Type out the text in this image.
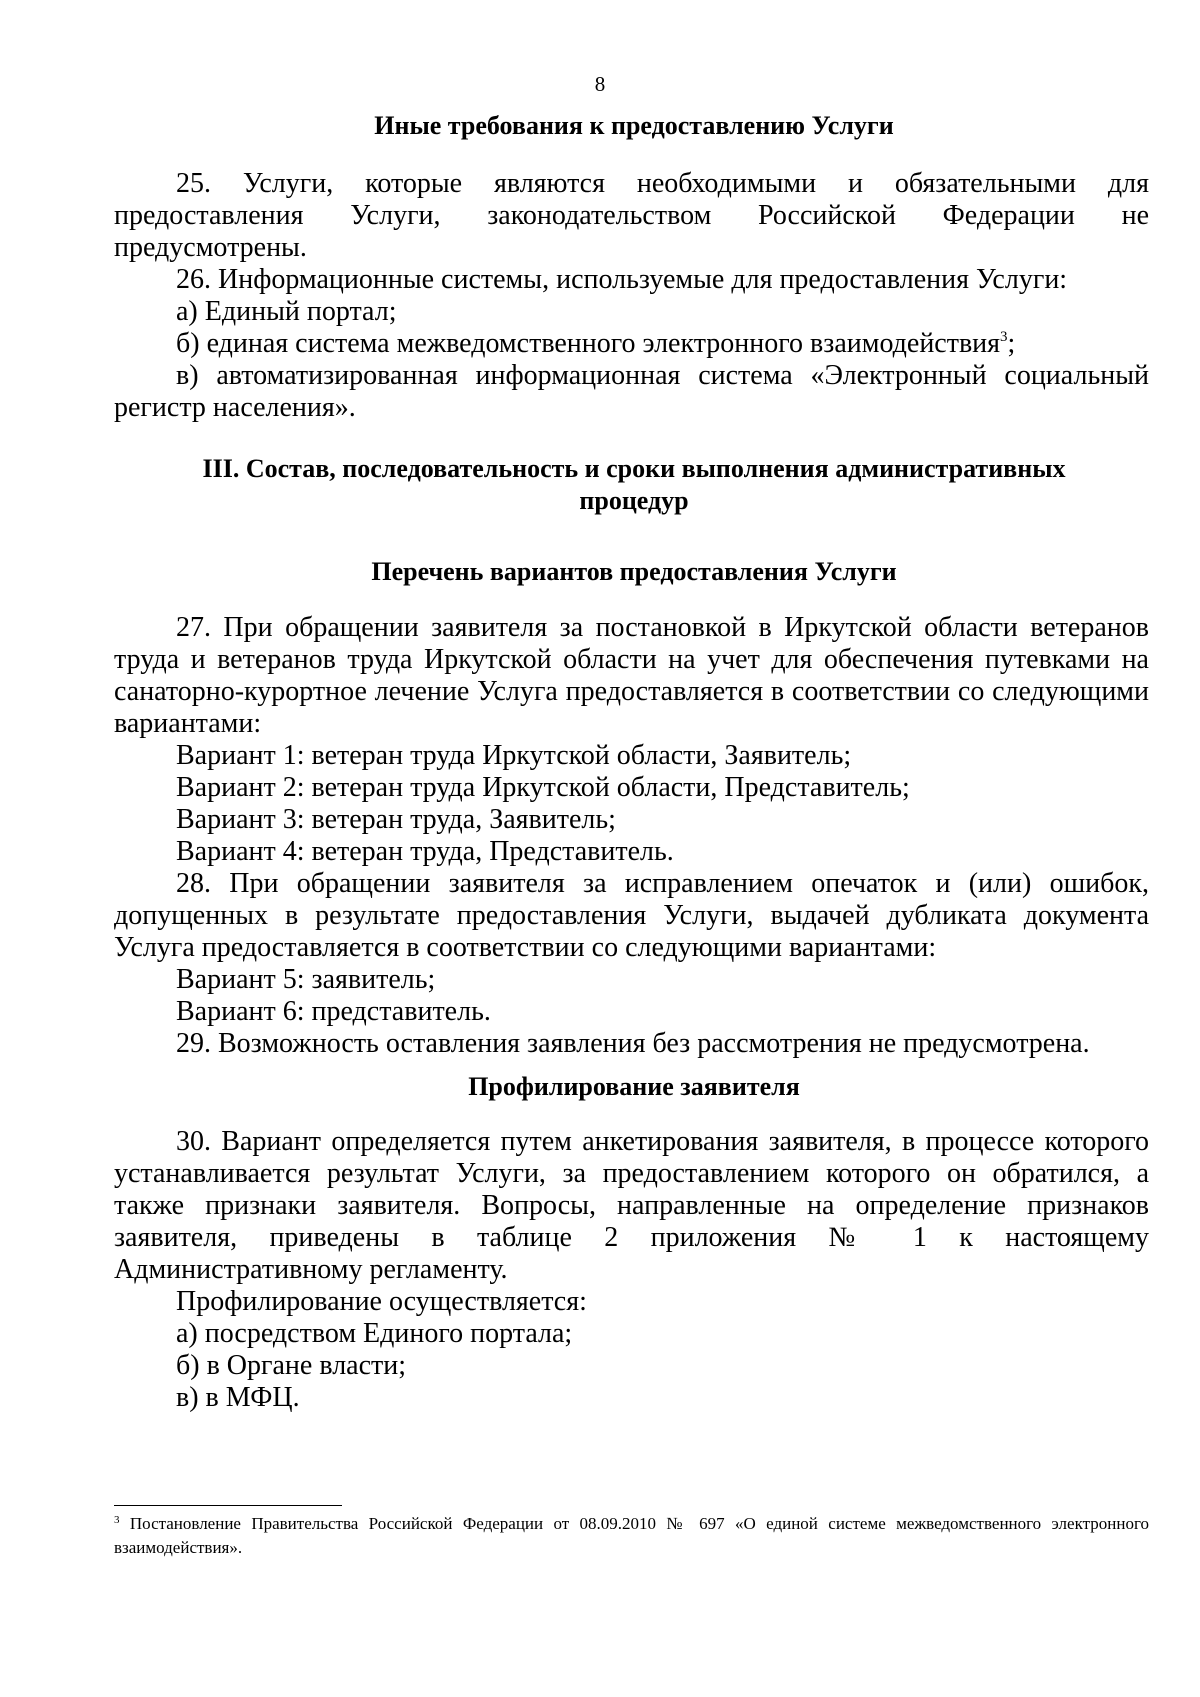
8
Иные требования к предоставлению Услуги

25. Услуги, которые являются необходимыми и обязательными для предоставления Услуги, законодательством Российской Федерации не предусмотрены.

26. Информационные системы, используемые для предоставления Услуги:

а) Единый портал;

б) единая система межведомственного электронного взаимодействия$^3$;

в) автоматизированная информационная система «Электронный социальный регистр населения».

III. Состав, последовательность и сроки выполнения административных
процедур
Перечень вариантов предоставления Услуги

27. При обращении заявителя за постановкой в Иркутской области ветеранов труда и ветеранов труда Иркутской области на учет для обеспечения путевками на санаторно-курортное лечение Услуга предоставляется в соответствии со следующими вариантами:

Вариант 1: ветеран труда Иркутской области, Заявитель;

Вариант 2: ветеран труда Иркутской области, Представитель;

Вариант 3: ветеран труда, Заявитель;

Вариант 4: ветеран труда, Представитель.

28. При обращении заявителя за исправлением опечаток и (или) ошибок, допущенных в результате предоставления Услуги, выдачей дубликата документа Услуга предоставляется в соответствии со следующими вариантами:

Вариант 5: заявитель;

Вариант 6: представитель.

29. Возможность оставления заявления без рассмотрения не предусмотрена.

Профилирование заявителя

30. Вариант определяется путем анкетирования заявителя, в процессе которого устанавливается результат Услуги, за предоставлением которого он обратился, а также признаки заявителя. Вопросы, направленные на определение признаков заявителя, приведены в таблице 2 приложения № 1 к настоящему Административному регламенту.

Профилирование осуществляется:

а) посредством Единого портала;

б) в Органе власти;

в) в МФЦ.

$^3$ Постановление Правительства Российской Федерации от 08.09.2010 № 697 «О единой системе межведомственного электронного взаимодействия».
